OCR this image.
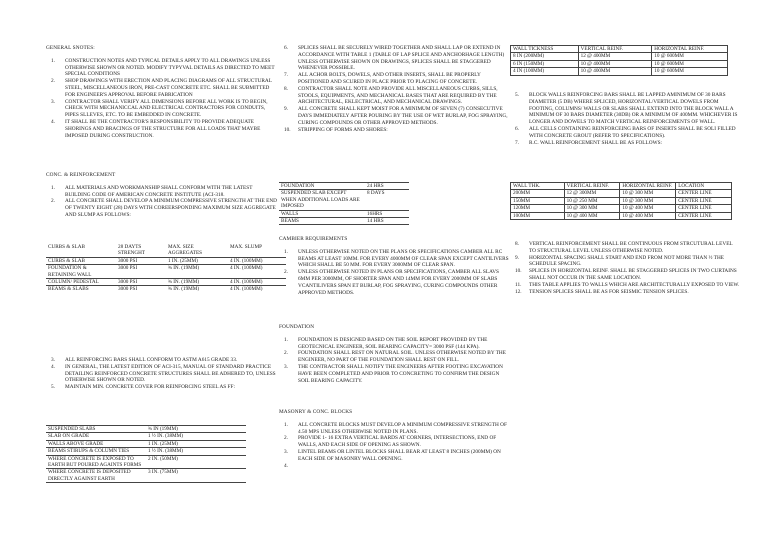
GENERAL SNOTES:
1. CONSTRUCTION NOTES AND TYPICAL DETAILS APPLY TO ALL DRAWINGS UNLESS OTHERWISE SHOWN OR NOTED. MODIFY TYPYVAL DETAILS AS DIRECTED TO MEET SPECIAL CONDITIONS
2. SHOP DRAWINGS WITH ERECTION AND PLACING DIAGRAMS OF ALL STRUCTURAL STEEL, MISCELLANEOUS IRON, PRE-CAST CONCRETE ETC. SHALL BE SUBMITTED FOR ENGINEER'S APPROVAL BEFORE FABRICATION
3. CONTRACTOR SHALL VERIFY ALL DIMENSIONS BEFORE ALL WORK IS TO BEGIN, CHECK WITH MECHANICCAL AND ELECTRICAL CONTRACTORS FOR CONDUITS, PIPES SLLEVES, ETC. TO BE EMBEDDED IN CONCRETE.
4. IT SHALL BE THE CONTRACTOR'S RESPONSIBILITY TO PROVIDE ADEQUATE SHORINGS AND BRACINGS OF THE STRUCTURE FOR ALL LOADS THAT MAYBE IMPOSED DURING CONSTRUCTION.
CONC. & REINFORCEMENT
1. ALL MATERIALS AND WORKMANSHIP SHALL CONFORM WITH THE LATEST BUILDING CODE OF AMERICAN CONCRETE INSTITUTE (ACI-318.
2. ALL CONCRETE SHALL DEVELOP A MINIMUM COMPRESSIVE STRENGTH AT THE END OF TWENTY EIGHT (28) DAYS WITH COREERSPONDING MAXIMUM SIZE AGGREGATE AND SLUMP AS FOLLOWS:
CURBS & SLAB	28 DAYTS STRENGHT	MAX. SIZE AGGREGATES	MAX. SLUMP
CURBS & SLAB	3000 PSI	1 IN. (25MM)	4 IN. (100MM)
FOUNDATION & RETAINING WALL	3000 PSI	¾ IN. (19MM)	4 IN. (100MM)
COLUMN/ PEDESTAL	3000 PSI	¾ IN. (19MM)	4 IN. (100MM)
BEAMS & SLABS	3000 PSI	¾ IN. (19MM)	4 IN. (100MM)
3. ALL REINFORCING BARS SHALL CONFORM TO ASTM A615 GRADE 33.
4. IN GENERAL, THE LATEST EDITION OF ACI-315, MANUAL OF STANDARD PRACTICE DETAILING REINFORCED CONCRETE STRUCTURES SHALL BE ADHERED TO, UNLESS OTHERWISE SHOWN OR NOTED.
5. MAINTAIN MIN. CONCRETE COVER FOR REINFORCING STEEL AS FF:
SUSPENDED SLABS	¾ IN (19MM)
SLAB ON GRADE	1 ½ IN. (38MM)
WALLS ABOVE GRADE	1 IN. (25MM)
BEAMS STIRUPS & COLUMN TIES	1 ½ IN. (38MM)
WHERE CONCRETE IS EXPOSED TO EARTH BUT POURED AGAINTS FORMS	2 IN. (50MM)
WHERE CONCRETE IS DEPOSITED DIRECTLY AGAINST EARTH	3 IN. (75MM)
6. SPLICES SHALL BE SECURELY WIRED TOGETHER AND SHALL LAP OR EXTEND IN ACCORDANCE WITH TABLE 1 (TABLE OF LAP SPLICE AND ANCHORHAGE LENGTH) UNLESS OTHERWISE SHOWN ON DRAWINGS, SPLICES SHALL BE STAGGERED WHENEVER POSSIBLE.
7. ALL ACHOR BOLTS, DOWELS, AND OTHER INSERTS, SHALL BE PROPERLY POSITIONED AND SCURED IN PLACE PRIOR TO PLACING OF CONCRETE.
8. CONTRACTOR SHALL NOTE AND PROVIDE ALL MISCELLANEOUS CURBS, SILLS, STOOLS, EQUIPMENTS, AND MECHANICAL BASES THAT ARE REQUIRED BY THE ARCHITECTURAL, EKLECTRICAL, AND MECHANICAL DRAWINGS.
9. ALL CONCRETE SHALL KEPT MOIST FOR A MINIMUM OF SEVEN (7) CONSECUTIVE DAYS IMMEDIATELY AFTER POURING BY THE USE OF WET BURLAP, FOG SPRAYING, CURING COMPOUNDS OR OTHER APPROVED METHODS.
10. STRIPPING OF FORMS AND SHORES:
FOUNDATION	24 HRS
SUSPENDED SLAB EXCEPT WHEN ADDITIONAL LOADS ARE IMPOSED	8 DAYS
WALLS	16HRS
BEAMS	14 HRS
CAMBIER REQUIREMENTS
1. UNLESS OTHERWISE NOTED ON THE PLANS OR SPECIFICATIONS CAMBER ALL RC BEAMS AT LEAST 10MM. FOR EVERY 4000MM OF CLEAR SPAN EXCEPT CANTILIVERS WHICH SHALL BE 50 MM. FOR EVERY 3000MM OF CLEAR SPAN.
2. UNLESS OTHERWISE NOTED IN PLANS OR SPECIFICATIONS, CAMBER ALL SLAVS 6MM PER 3000MM, OF SHORTER SPAN AND 14MM FOR EVERY 2000MM OF SLABS VCANTILIVERS SPAN ET BURLAP, FOG SPRAYING, CURING COMPOUNDS OTHER APPROVED METHODS.
FOUNDATION
1. FOUNDATION IS DESIGNED BASED ON THE SOIL REPORT PROVIDED BY THE GEOTECNICAL ENGINEER, SOIL BEARING CAPACITY= 3000 PSF (144 KPA).
2. FOUNDATION SHALL REST ON NATURAL SOIL. UNLESS OTHERWISE NOTED BY THE ENGINEER, NO PART OF THE FOUNDATION SHALL REST ON FILL.
3. THE CONTRACTOR SHALL NOTIFY THE ENGINEERS AFTER FOOTING EXCAVATION HAVE BEEN COMPLETED AND PRIOR TO CONCRETING TO CONFIRM THE DESIGN SOIL BEARING CAPACITY.
MASONRY & CONC. BLOCKS
1. ALL CONCRETE BLOCKS MUST DEVELOP A MINIMUM COMPRESSIVE STRENGTH OF 4.50 MPS UNLESS OTHERWISE NOTED IN PLANS.
2. PROVIDE 1- 16 EXTRA VERTICAL BARDS AT CORNERS, INTERSECTIONS, END OF WALLS, AND EACH SIDE OF OPENING AS SHOWN.
3. LINTEL BEAMS OR LINTEL BLOCKS SHALL BEAR AT LEAST 8 INCHES (200MM) ON EACH SIDE OF MASONRY WALL OPENING.
4.
WALL TICKNESS	VERTICAL REINF.	HORIZONTAL REINF.
8 IN (200MM)	12 @ 400MM	10 @ 600MM
6 IN (150MM)	10 @ 400MM	10 @ 600MM
4 IN (100MM)	10 @ 400MM	10 @ 600MM
5. BLOCK WALLS REINFORCING BARS SHALL BE LAPPED AMINIMUM OF 30 BARS DIAMETER (5 DB) WHERE SPLICED, HORIZONTAL/VERTICAL DOWELS FROM FOOTING, COLUMNS/ WALLS OR SLABS SHALL EXTEND INTO THE BLOCK WALL A MINIMUM OF 30 BARS DIAMETER (30DB) OR A MINIMUM OF 400MM. WHICHEVER IS LONGER AND DOWELS TO MATCH VERTICAL REINFORCEMENTS OF WALL.
6. ALL CELLS CONTAINING REINFORCEING BARS OF INSERTS SHALL BE SOLI FILLED WITH CONCRETE GROUT (REFER TO SPECIFICATIONS).
7. R.C. WALL REINFORCEMENT SHALL BE AS FOLLOWS:
WALL THK.	VERTICAL REINF.	HORIZONTAL REINF.	LOCATION
200MM	12 @ 300MM	10 @ 300 MM	CENTER LINE
150MM	10 @ 250 MM	10 @ 300 MM	CENTER LINE
120MM	10 @ 300 MM	10 @ 400 MM	CENTER LINE
100MM	10 @ 400 MM	10 @ 400 MM	CENTER LINE
8. VERTICAL REINFORCEMENT SHALL BE CONTINUOUS FROM STRCUTURAL LEVEL TO STRUCTURAL LEVEL UNLESS OTHERWISE NOTED.
9. HORIZONTAL SPACING SHALL START AND END FROM NOT MORE THAN ½ THE SCHEDULE SPACING.
10. SPLICES IN HORIZONTAL REINF. SHALL BE STAGGERED SPLICES IN TWO CURTAINS SHALL NOT OCCUR IN THE SAME LOCATION.
11. THIS TABLE APPLIES TO WALLS WHICH ARE ARCHITECTURALLY EXPOSED TO VIEW.
12. TENSION SPLICES SHALL BE AS FOR SEISMIC TENSION SPLICES.
